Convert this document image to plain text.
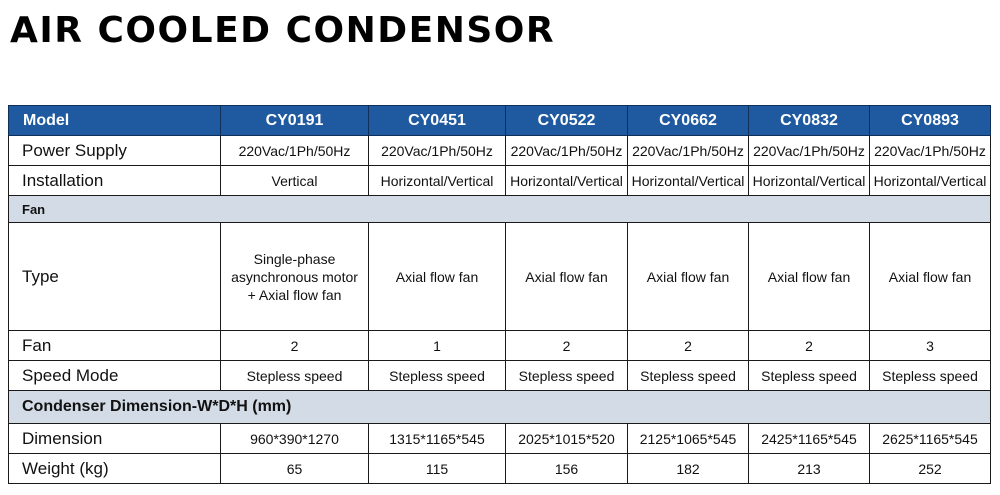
AIR COOLED CONDENSOR
Model	CY0191	CY0451	CY0522	CY0662	CY0832	CY0893
Power Supply	220Vac/1Ph/50Hz	220Vac/1Ph/50Hz	220Vac/1Ph/50Hz	220Vac/1Ph/50Hz	220Vac/1Ph/50Hz	220Vac/1Ph/50Hz
Installation	Vertical	Horizontal/Vertical	Horizontal/Vertical	Horizontal/Vertical	Horizontal/Vertical	Horizontal/Vertical
Fan						
Type	Single-phase
asynchronous motor
+ Axial flow fan	Axial flow fan	Axial flow fan	Axial flow fan	Axial flow fan	Axial flow fan
Fan	2	1	2	2	2	3
Speed Mode	Stepless speed	Stepless speed	Stepless speed	Stepless speed	Stepless speed	Stepless speed
Condenser Dimension-W*D*H (mm)						
Dimension	960*390*1270	1315*1165*545	2025*1015*520	2125*1065*545	2425*1165*545	2625*1165*545
Weight (kg)	65	115	156	182	213	252
